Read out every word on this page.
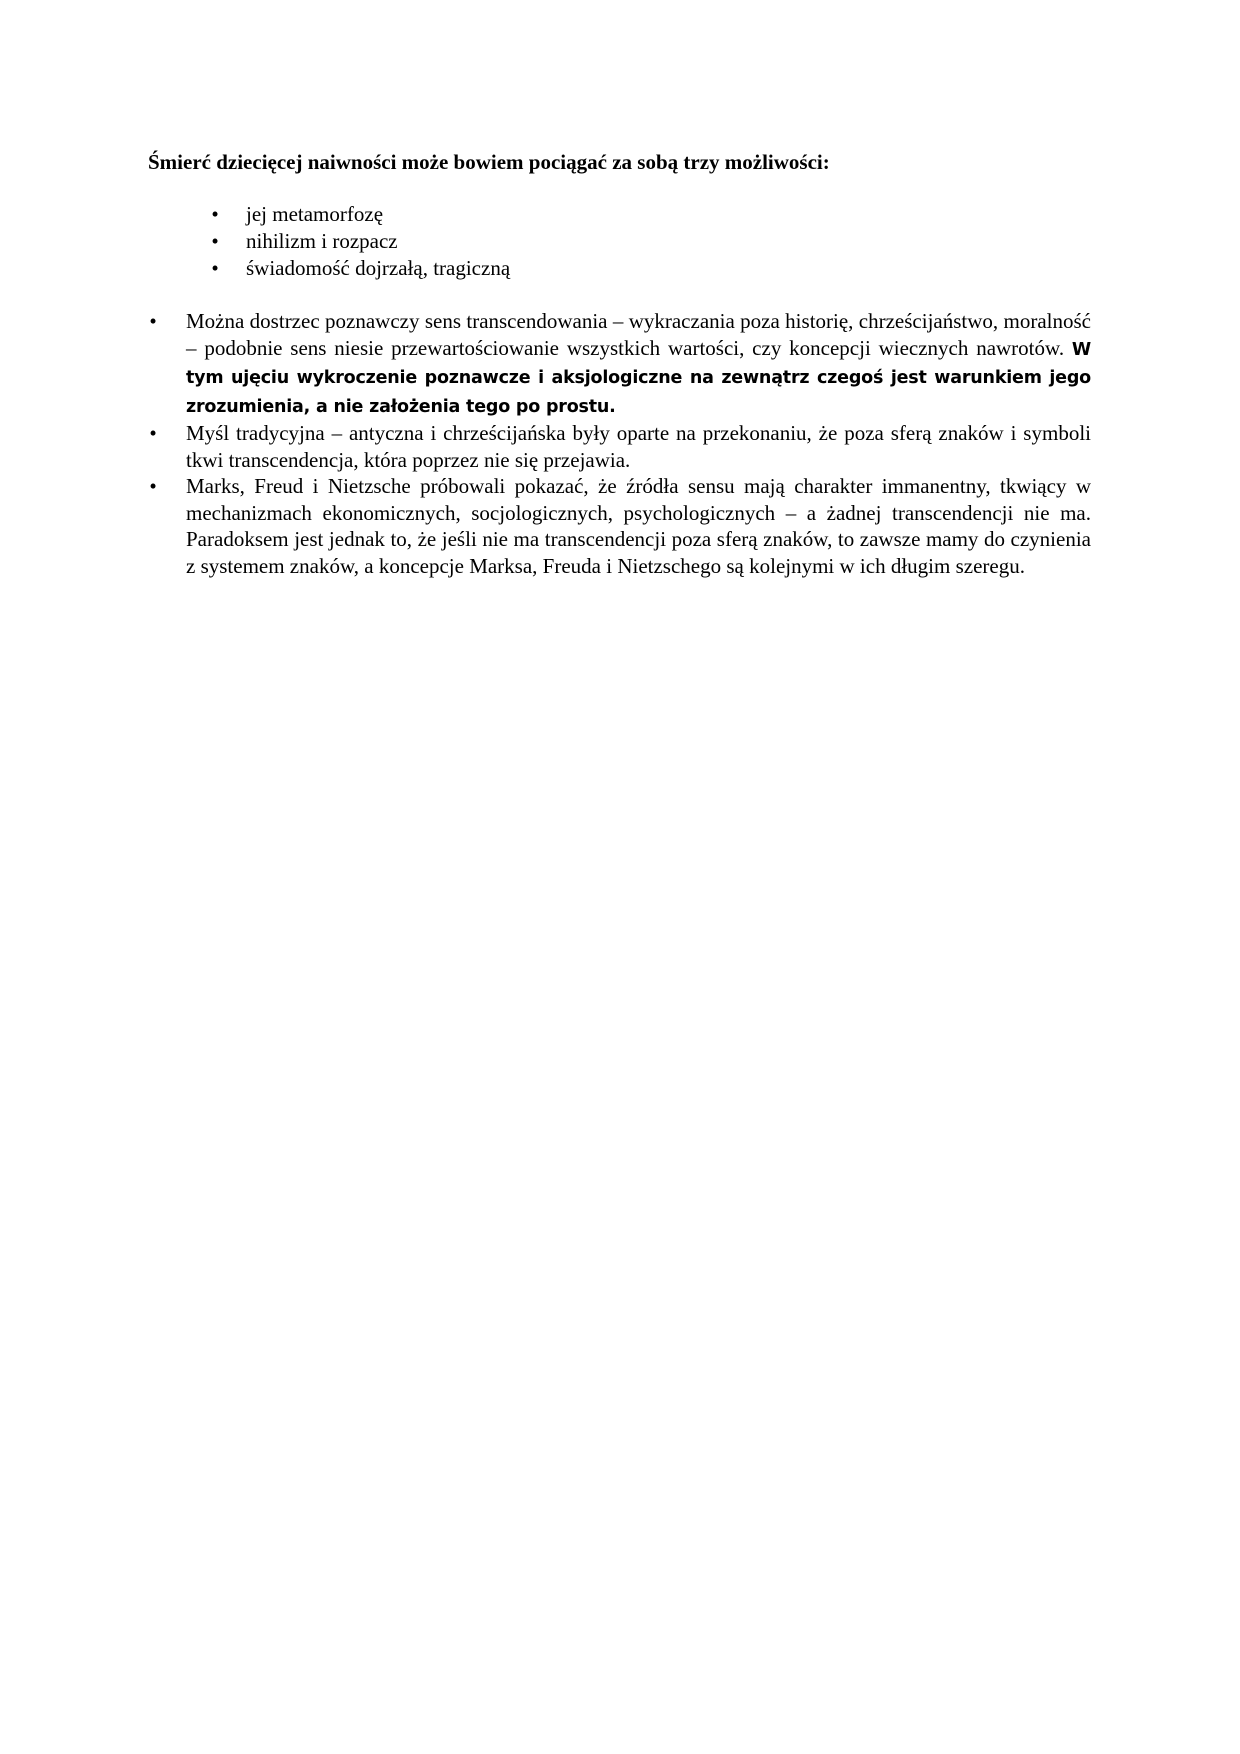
Śmierć dziecięcej naiwności może bowiem pociągać za sobą trzy możliwości:

• jej metamorfozę
• nihilizm i rozpacz
• świadomość dojrzałą, tragiczną
• Można dostrzec poznawczy sens transcendowania – wykraczania poza historię, chrześcijaństwo, moralność – podobnie sens niesie przewartościowanie wszystkich wartości, czy koncepcji wiecznych nawrotów. W tym ujęciu wykroczenie poznawcze i aksjologiczne na zewnątrz czegoś jest warunkiem jego zrozumienia, a nie założenia tego po prostu.
• Myśl tradycyjna – antyczna i chrześcijańska były oparte na przekonaniu, że poza sferą znaków i symboli tkwi transcendencja, która poprzez nie się przejawia.
• Marks, Freud i Nietzsche próbowali pokazać, że źródła sensu mają charakter immanentny, tkwiący w mechanizmach ekonomicznych, socjologicznych, psychologicznych – a żadnej transcendencji nie ma. Paradoksem jest jednak to, że jeśli nie ma transcendencji poza sferą znaków, to zawsze mamy do czynienia z systemem znaków, a koncepcje Marksa, Freuda i Nietzschego są kolejnymi w ich długim szeregu.
